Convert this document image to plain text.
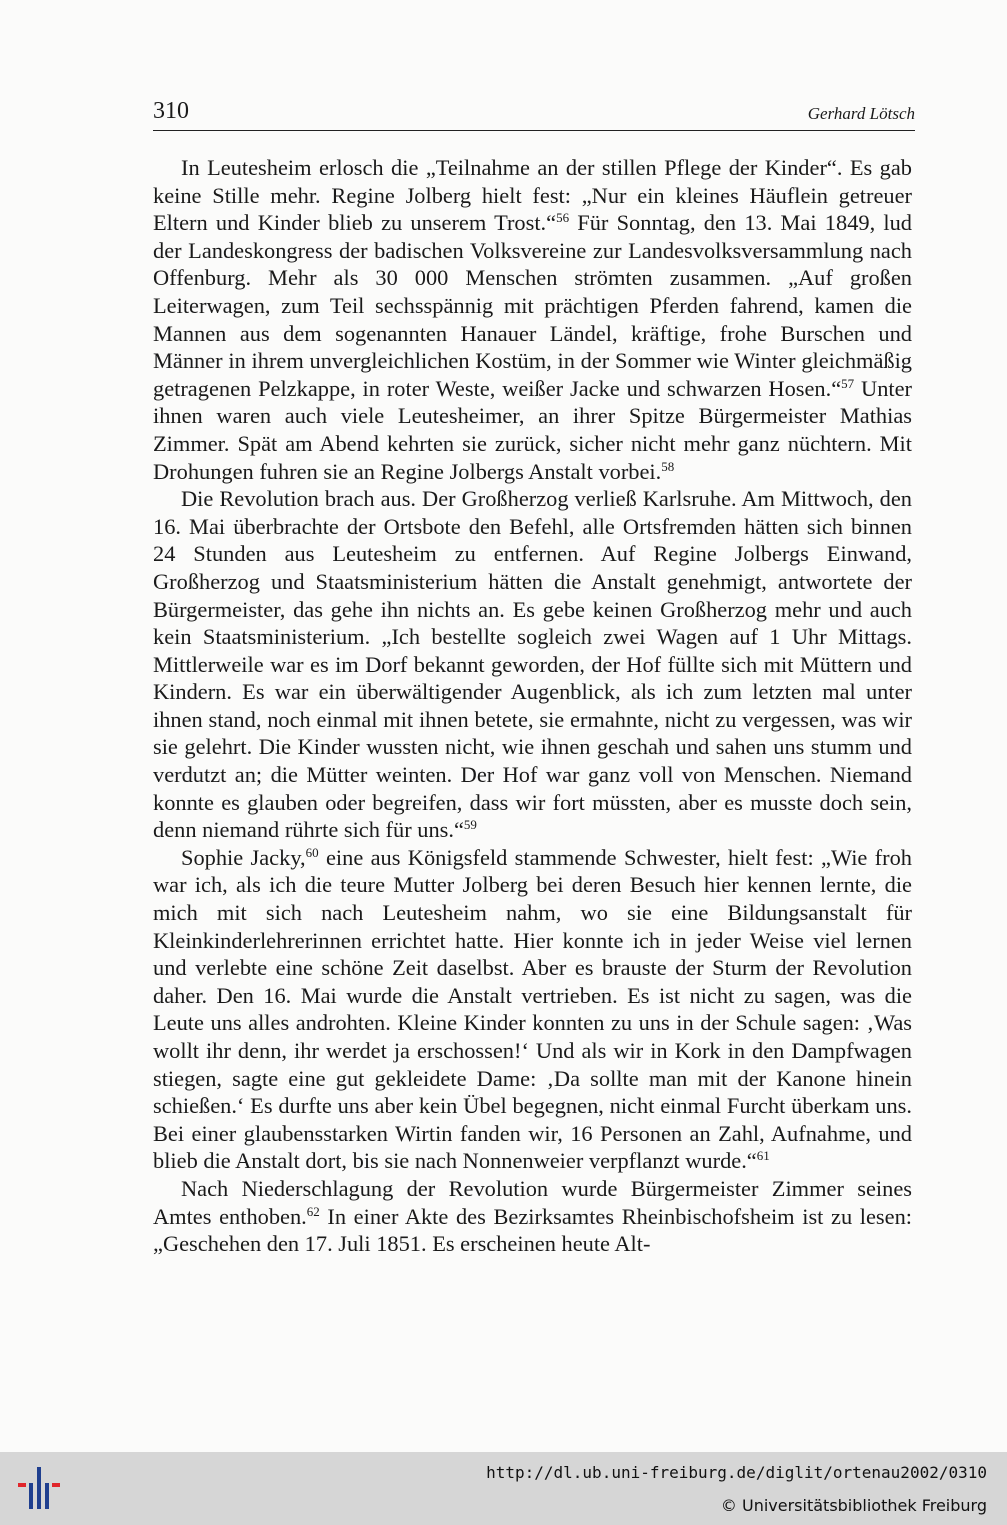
310	Gerhard Lötsch

In Leutesheim erlosch die „Teilnahme an der stillen Pflege der Kinder“. Es gab keine Stille mehr. Regine Jolberg hielt fest: „Nur ein kleines Häuflein getreuer Eltern und Kinder blieb zu unserem Trost.“$^{56}$ Für Sonntag, den 13. Mai 1849, lud der Landeskongress der badischen Volksvereine zur Landesvolksversammlung nach Offenburg. Mehr als 30 000 Menschen strömten zusammen. „Auf großen Leiterwagen, zum Teil sechsspännig mit prächtigen Pferden fahrend, kamen die Mannen aus dem sogenannten Hanauer Ländel, kräftige, frohe Burschen und Männer in ihrem unvergleichlichen Kostüm, in der Sommer wie Winter gleichmäßig getragenen Pelzkappe, in roter Weste, weißer Jacke und schwarzen Hosen.“$^{57}$ Unter ihnen waren auch viele Leutesheimer, an ihrer Spitze Bürgermeister Mathias Zimmer. Spät am Abend kehrten sie zurück, sicher nicht mehr ganz nüchtern. Mit Drohungen fuhren sie an Regine Jolbergs Anstalt vorbei.$^{58}$

Die Revolution brach aus. Der Großherzog verließ Karlsruhe. Am Mittwoch, den 16. Mai überbrachte der Ortsbote den Befehl, alle Ortsfremden hätten sich binnen 24 Stunden aus Leutesheim zu entfernen. Auf Regine Jolbergs Einwand, Großherzog und Staatsministerium hätten die Anstalt genehmigt, antwortete der Bürgermeister, das gehe ihn nichts an. Es gebe keinen Großherzog mehr und auch kein Staatsministerium. „Ich bestellte sogleich zwei Wagen auf 1 Uhr Mittags. Mittlerweile war es im Dorf bekannt geworden, der Hof füllte sich mit Müttern und Kindern. Es war ein überwältigender Augenblick, als ich zum letzten mal unter ihnen stand, noch einmal mit ihnen betete, sie ermahnte, nicht zu vergessen, was wir sie gelehrt. Die Kinder wussten nicht, wie ihnen geschah und sahen uns stumm und verdutzt an; die Mütter weinten. Der Hof war ganz voll von Menschen. Niemand konnte es glauben oder begreifen, dass wir fort müssten, aber es musste doch sein, denn niemand rührte sich für uns.“$^{59}$

Sophie Jacky,$^{60}$ eine aus Königsfeld stammende Schwester, hielt fest: „Wie froh war ich, als ich die teure Mutter Jolberg bei deren Besuch hier kennen lernte, die mich mit sich nach Leutesheim nahm, wo sie eine Bildungsanstalt für Kleinkinderlehrerinnen errichtet hatte. Hier konnte ich in jeder Weise viel lernen und verlebte eine schöne Zeit daselbst. Aber es brauste der Sturm der Revolution daher. Den 16. Mai wurde die Anstalt vertrieben. Es ist nicht zu sagen, was die Leute uns alles androhten. Kleine Kinder konnten zu uns in der Schule sagen: ‚Was wollt ihr denn, ihr werdet ja erschossen!‘ Und als wir in Kork in den Dampfwagen stiegen, sagte eine gut gekleidete Dame: ‚Da sollte man mit der Kanone hinein schießen.‘ Es durfte uns aber kein Übel begegnen, nicht einmal Furcht überkam uns. Bei einer glaubensstarken Wirtin fanden wir, 16 Personen an Zahl, Aufnahme, und blieb die Anstalt dort, bis sie nach Nonnenweier verpflanzt wurde.“$^{61}$

Nach Niederschlagung der Revolution wurde Bürgermeister Zimmer seines Amtes enthoben.$^{62}$ In einer Akte des Bezirksamtes Rheinbischofsheim ist zu lesen: „Geschehen den 17. Juli 1851. Es erscheinen heute Alt-

http://dl.ub.uni-freiburg.de/diglit/ortenau2002/0310
© Universitätsbibliothek Freiburg
